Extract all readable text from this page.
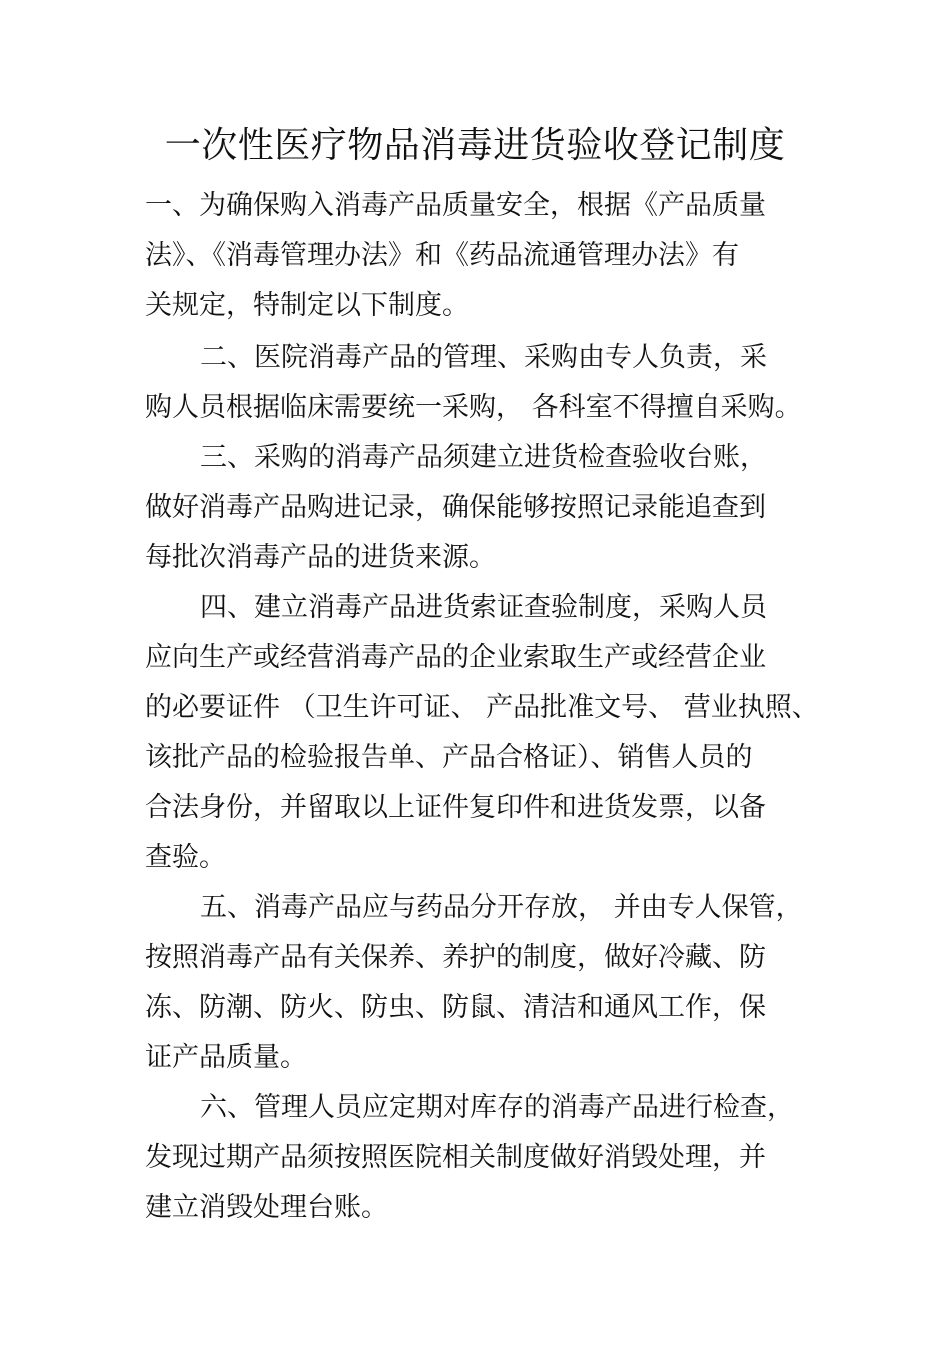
一次性医疗物品消毒进货验收登记制度
一、为确保购入消毒产品质量安全，根据《产品质量
法》、《消毒管理办法》和《药品流通管理办法》有
关规定，特制定以下制度。
二、医院消毒产品的管理、采购由专人负责，采
购人员根据临床需要统一采购， 各科室不得擅自采购。
三、采购的消毒产品须建立进货检查验收台账，
做好消毒产品购进记录，确保能够按照记录能追查到
每批次消毒产品的进货来源。
四、建立消毒产品进货索证查验制度，采购人员
应向生产或经营消毒产品的企业索取生产或经营企业
的必要证件 （卫生许可证、 产品批准文号、 营业执照、
该批产品的检验报告单、产品合格证）、销售人员的
合法身份，并留取以上证件复印件和进货发票，以备
查验。
五、消毒产品应与药品分开存放， 并由专人保管，
按照消毒产品有关保养、养护的制度，做好冷藏、防
冻、防潮、防火、防虫、防鼠、清洁和通风工作，保
证产品质量。
六、管理人员应定期对库存的消毒产品进行检查，
发现过期产品须按照医院相关制度做好消毁处理，并
建立消毁处理台账。
